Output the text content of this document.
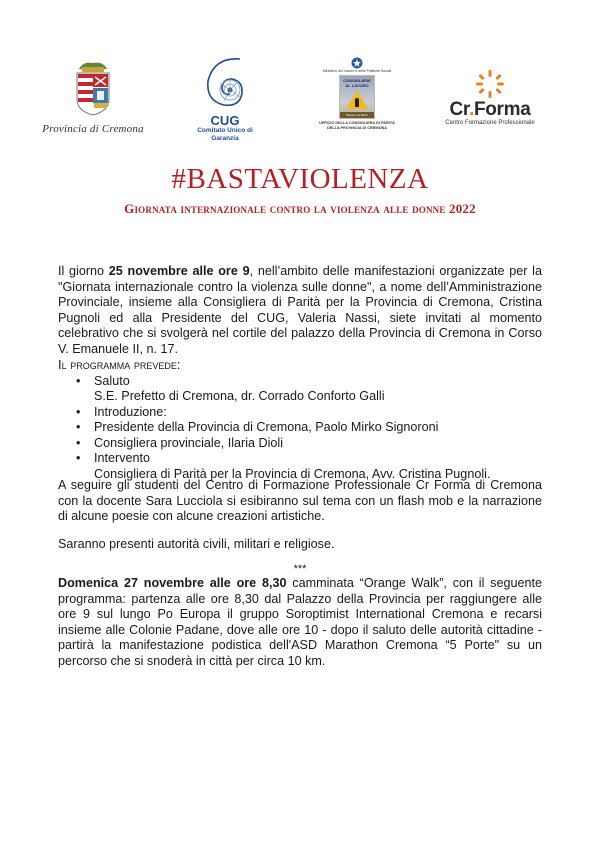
Provincia di Cremona
CUG
Comitato Unico di
Garanzia
Ministero del Lavoro e delle Politiche Sociali
CONSIGLIERE
AL LAVORO
Women at Work
UFFICIO DELLA CONSIGLIERA DI PARITÀ
DELLA PROVINCIA DI CREMONA
Cr.Forma
Centro Formazione Professionale
#BASTAVIOLENZA
Giornata internazionale contro la violenza alle donne 2022

Il giorno 25 novembre alle ore 9, nell’ambito delle manifestazioni organizzate per la "Giornata internazionale contro la violenza sulle donne", a nome dell’Amministrazione Provinciale, insieme alla Consigliera di Parità per la Provincia di Cremona, Cristina Pugnoli ed alla Presidente del CUG, Valeria Nassi, siete invitati al momento celebrativo che si svolgerà nel cortile del palazzo della Provincia di Cremona in Corso V. Emanuele II, n. 17.

Il programma prevede:
• Saluto
S.E. Prefetto di Cremona, dr. Corrado Conforto Galli
• Introduzione:
• Presidente della Provincia di Cremona, Paolo Mirko Signoroni
• Consigliera provinciale, Ilaria Dioli
• Intervento
Consigliera di Parità per la Provincia di Cremona, Avv. Cristina Pugnoli.

A seguire gli studenti del Centro di Formazione Professionale Cr Forma di Cremona con la docente Sara Lucciola si esibiranno sul tema con un flash mob e la narrazione di alcune poesie con alcune creazioni artistiche.

Saranno presenti autorità civili, militari e religiose.

***

Domenica 27 novembre alle ore 8,30 camminata “Orange Walk”, con il seguente programma: partenza alle ore 8,30 dal Palazzo della Provincia per raggiungere alle ore 9 sul lungo Po Europa il gruppo Soroptimist International Cremona e recarsi insieme alle Colonie Padane, dove alle ore 10 - dopo il saluto delle autorità cittadine - partirà la manifestazione podistica dell'ASD Marathon Cremona “5 Porte" su un percorso che si snoderà in città per circa 10 km.
